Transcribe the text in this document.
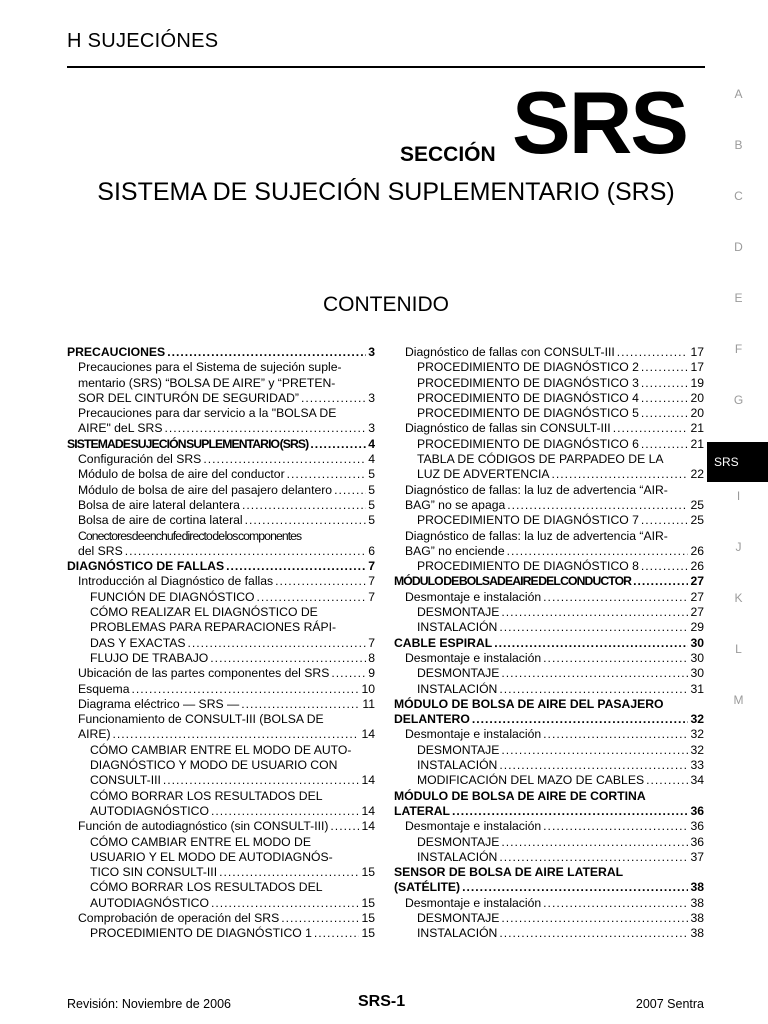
H SUJECIÓNES
SECCIÓN SRS
SISTEMA DE SUJECIÓN SUPLEMENTARIO (SRS)
CONTENIDO
A
B
C
D
E
F
G
SRS
I
J
K
L
M
PRECAUCIONES .....	3
Precauciones para el Sistema de sujeción suple-
mentario (SRS) “BOLSA DE AIRE” y “PRETEN-
SOR DEL CINTURÓN DE SEGURIDAD” .....	3
Precauciones para dar servicio a la "BOLSA DE
AIRE" deL SRS .....	3
SISTEMA DE SUJECIÓN SUPLEMENTARIO (SRS) .....	4
Configuración del SRS .....	4
Módulo de bolsa de aire del conductor .....	5
Módulo de bolsa de aire del pasajero delantero .....	5
Bolsa de aire lateral delantera .....	5
Bolsa de aire de cortina lateral .....	5
Conectores de enchufe directo de los componentes
del SRS .....	6
DIAGNÓSTICO DE FALLAS .....	7
Introducción al Diagnóstico de fallas .....	7
FUNCIÓN DE DIAGNÓSTICO .....	7
CÓMO REALIZAR EL DIAGNÓSTICO DE
PROBLEMAS PARA REPARACIONES RÁPI-
DAS Y EXACTAS .....	7
FLUJO DE TRABAJO .....	8
Ubicación de las partes componentes del SRS .....	9
Esquema .....	10
Diagrama eléctrico — SRS — .....	11
Funcionamiento de CONSULT-III (BOLSA DE
AIRE) .....	14
CÓMO CAMBIAR ENTRE EL MODO DE AUTO-
DIAGNÓSTICO Y MODO DE USUARIO CON
CONSULT-III .....	14
CÓMO BORRAR LOS RESULTADOS DEL
AUTODIAGNÓSTICO .....	14
Función de autodiagnóstico (sin CONSULT-III) .....	14
CÓMO CAMBIAR ENTRE EL MODO DE
USUARIO Y EL MODO DE AUTODIAGNÓS-
TICO SIN CONSULT-III .....	15
CÓMO BORRAR LOS RESULTADOS DEL
AUTODIAGNÓSTICO .....	15
Comprobación de operación del SRS .....	15
PROCEDIMIENTO DE DIAGNÓSTICO 1 .....	15
Diagnóstico de fallas con CONSULT-III .....	17
PROCEDIMIENTO DE DIAGNÓSTICO 2 .....	17
PROCEDIMIENTO DE DIAGNÓSTICO 3 .....	19
PROCEDIMIENTO DE DIAGNÓSTICO 4 .....	20
PROCEDIMIENTO DE DIAGNÓSTICO 5 .....	20
Diagnóstico de fallas sin CONSULT-III .....	21
PROCEDIMIENTO DE DIAGNÓSTICO 6 .....	21
TABLA DE CÓDIGOS DE PARPADEO DE LA
LUZ DE ADVERTENCIA .....	22
Diagnóstico de fallas: la luz de advertencia “AIR-
BAG” no se apaga .....	25
PROCEDIMIENTO DE DIAGNÓSTICO 7 .....	25
Diagnóstico de fallas: la luz de advertencia “AIR-
BAG” no enciende .....	26
PROCEDIMIENTO DE DIAGNÓSTICO 8 .....	26
MÓDULO DE BOLSA DE AIRE DEL CONDUCTOR .....	27
Desmontaje e instalación .....	27
DESMONTAJE .....	27
INSTALACIÓN .....	29
CABLE ESPIRAL .....	30
Desmontaje e instalación .....	30
DESMONTAJE .....	30
INSTALACIÓN .....	31
MÓDULO DE BOLSA DE AIRE DEL PASAJERO
DELANTERO .....	32
Desmontaje e instalación .....	32
DESMONTAJE .....	32
INSTALACIÓN .....	33
MODIFICACIÓN DEL MAZO DE CABLES .....	34
MÓDULO DE BOLSA DE AIRE DE CORTINA
LATERAL .....	36
Desmontaje e instalación .....	36
DESMONTAJE .....	36
INSTALACIÓN .....	37
SENSOR DE BOLSA DE AIRE LATERAL
(SATÉLITE) .....	38
Desmontaje e instalación .....	38
DESMONTAJE .....	38
INSTALACIÓN .....	38
Revisión: Noviembre de 2006	SRS-1	2007 Sentra
